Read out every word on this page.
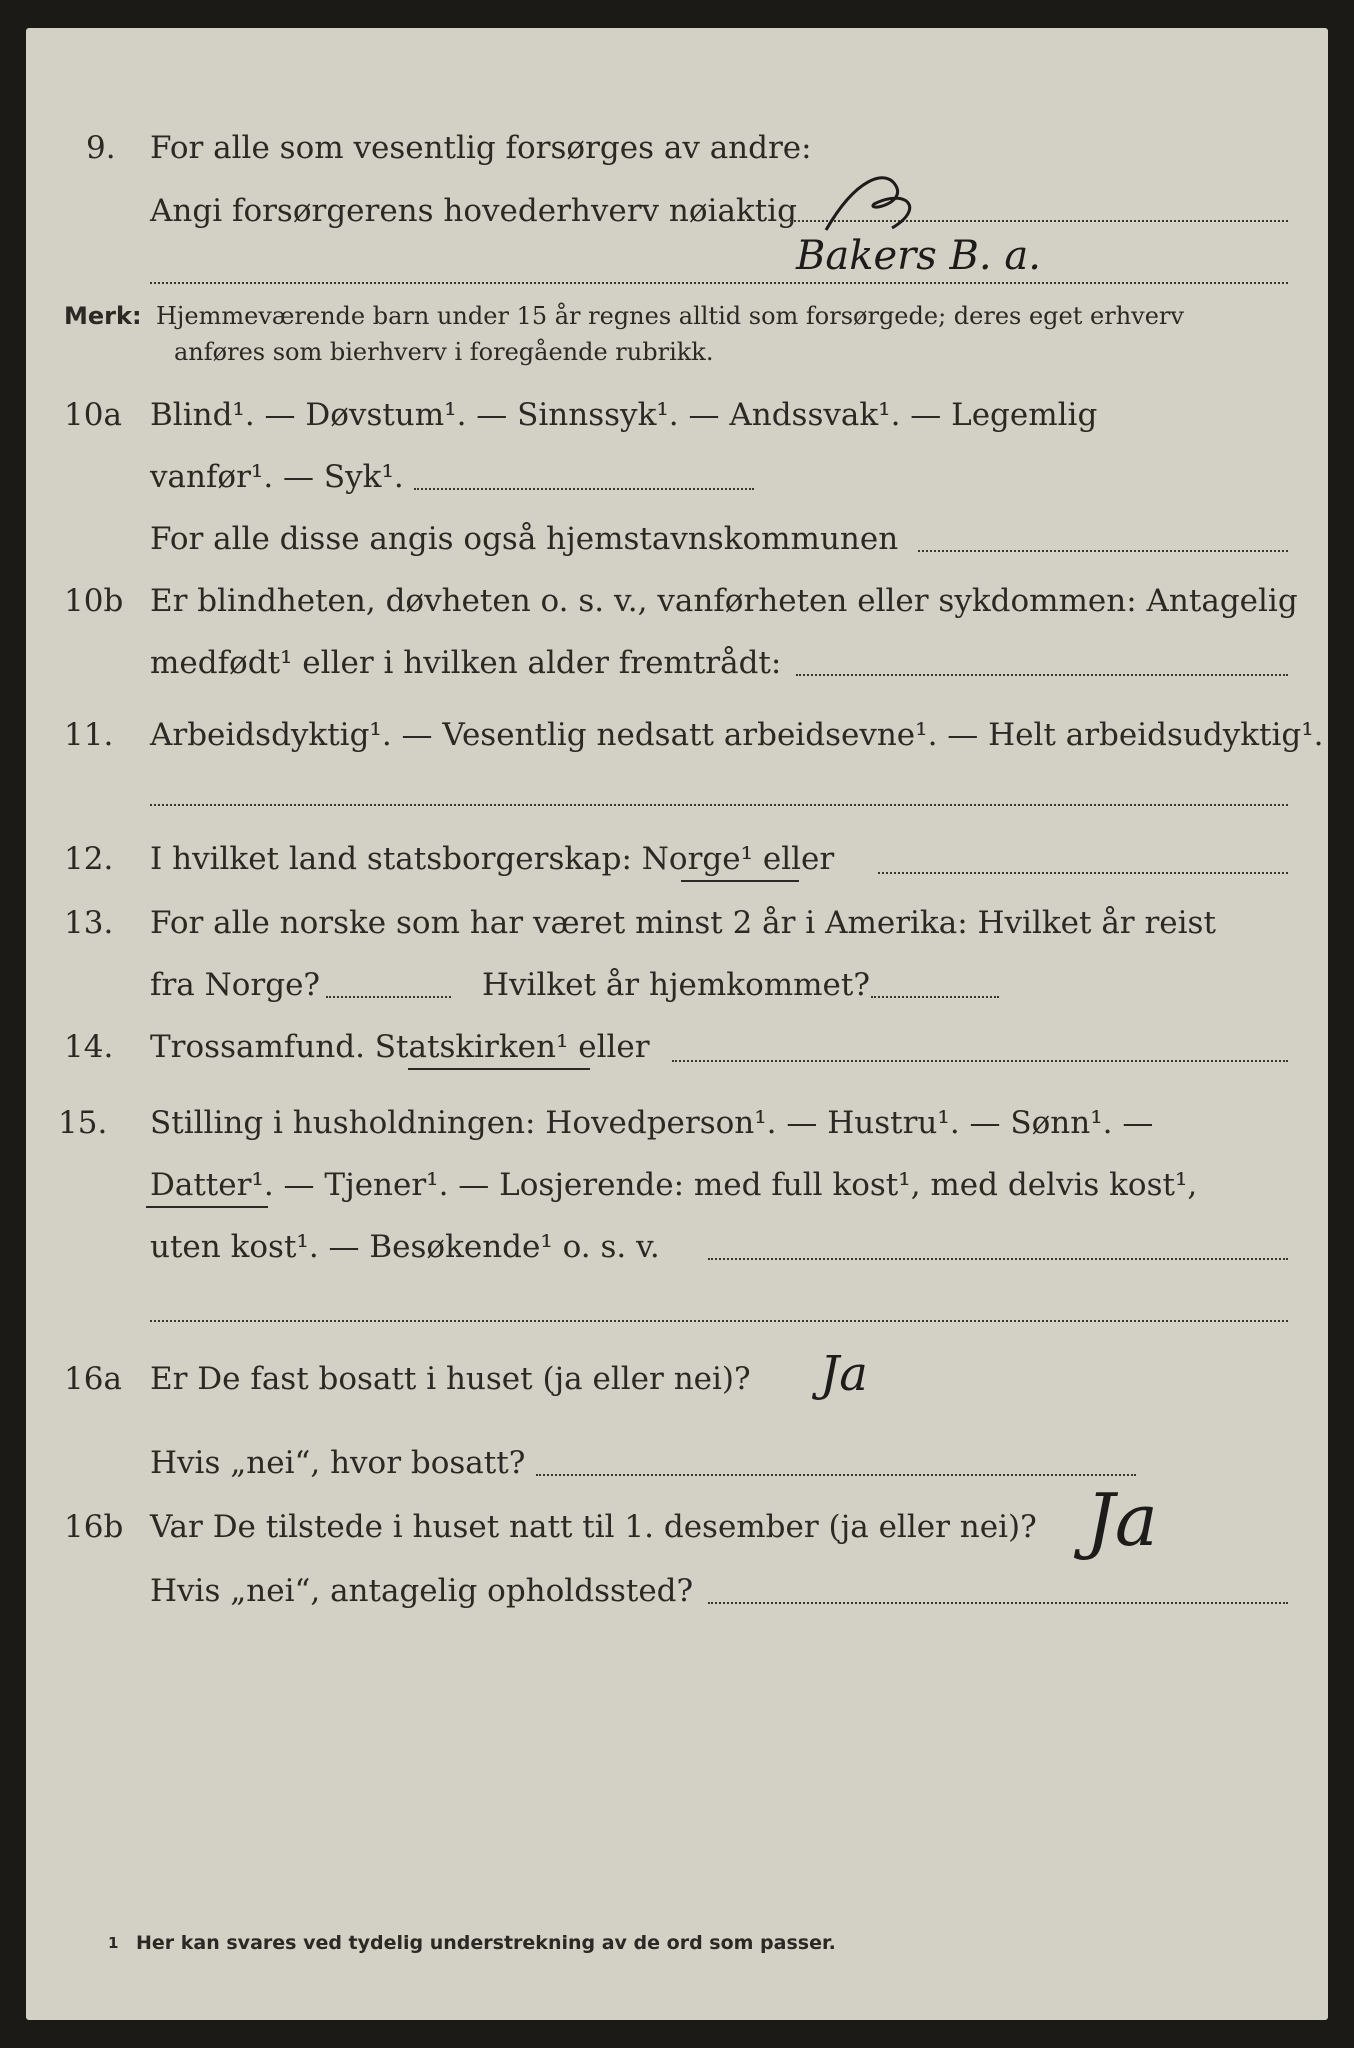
9. For alle som vesentlig forsørges av andre:
Angi forsørgerens hovederhverv nøiaktig
Bakers B. a.
Merk: Hjemmeværende barn under 15 år regnes alltid som forsørgede; deres eget erhverv
anføres som bierhverv i foregående rubrikk.
10a Blind¹. — Døvstum¹. — Sinnssyk¹. — Andssvak¹. — Legemlig
vanfør¹. — Syk¹.
For alle disse angis også hjemstavnskommunen
10b Er blindheten, døvheten o. s. v., vanførheten eller sykdommen: Antagelig
medfødt¹ eller i hvilken alder fremtrådt:
11. Arbeidsdyktig¹. — Vesentlig nedsatt arbeidsevne¹. — Helt arbeidsudyktig¹.
12. I hvilket land statsborgerskap: Norge¹ eller
13. For alle norske som har været minst 2 år i Amerika: Hvilket år reist
fra Norge?	Hvilket år hjemkommet?
14. Trossamfund. Statskirken¹ eller
15. Stilling i husholdningen: Hovedperson¹. — Hustru¹. — Sønn¹. —
Datter¹. — Tjener¹. — Losjerende: med full kost¹, med delvis kost¹,
uten kost¹. — Besøkende¹ o. s. v.
16a Er De fast bosatt i huset (ja eller nei)? Ja
Hvis „nei“, hvor bosatt?
16b Var De tilstede i huset natt til 1. desember (ja eller nei)? Ja
Hvis „nei“, antagelig opholdssted?
1 Her kan svares ved tydelig understrekning av de ord som passer.
